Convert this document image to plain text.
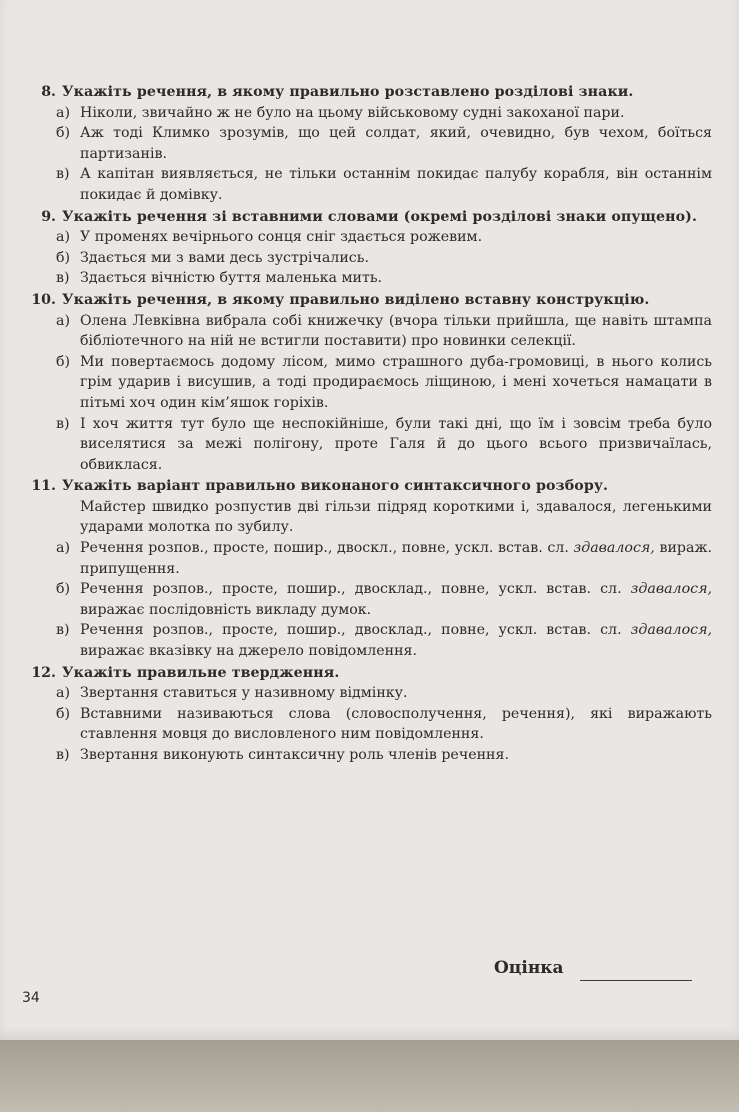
8. Укажіть речення, в якому правильно розставлено розділові знаки.
а) Ніколи, звичайно ж не було на цьому військовому судні закоханої пари.
б) Аж тоді Климко зрозумів, що цей солдат, який, очевидно, був чехом, боїться партизанів.
в) А капітан виявляється, не тільки останнім покидає палубу корабля, він останнім покидає й домівку.
9. Укажіть речення зі вставними словами (окремі розділові знаки опущено).
а) У променях вечірнього сонця сніг здається рожевим.
б) Здається ми з вами десь зустрічались.
в) Здається вічністю буття маленька мить.
10. Укажіть речення, в якому правильно виділено вставну конструкцію.
а) Олена Левківна вибрала собі книжечку (вчора тільки прийшла, ще навіть штампа бібліотечного на ній не встигли поставити) про новинки селекції.
б) Ми повертаємось додому лісом, мимо страшного дуба-громовиці, в нього колись грім ударив і висушив, а тоді продираємось ліщиною, і мені хочеться намацати в пітьмі хоч один кім’яшок горіхів.
в) І хоч життя тут було ще неспокійніше, були такі дні, що їм і зовсім треба було виселятися за межі полігону, проте Галя й до цього всього призвичаїлась, обвиклася.
11. Укажіть варіант правильно виконаного синтаксичного розбору.
Майстер швидко розпустив дві гільзи підряд короткими і, здавалося, легенькими ударами молотка по зубилу.
а) Речення розпов., просте, пошир., двоскл., повне, ускл. встав. сл. здавалося, вираж. припущення.
б) Речення розпов., просте, пошир., двосклад., повне, ускл. встав. сл. здавалося, виражає послідовність викладу думок.
в) Речення розпов., просте, пошир., двосклад., повне, ускл. встав. сл. здавалося, виражає вказівку на джерело повідомлення.
12. Укажіть правильне твердження.
а) Звертання ставиться у називному відмінку.
б) Вставними називаються слова (словосполучення, речення), які виражають ставлення мовця до висловленого ним повідомлення.
в) Звертання виконують синтаксичну роль членів речення.
Оцінка
34
